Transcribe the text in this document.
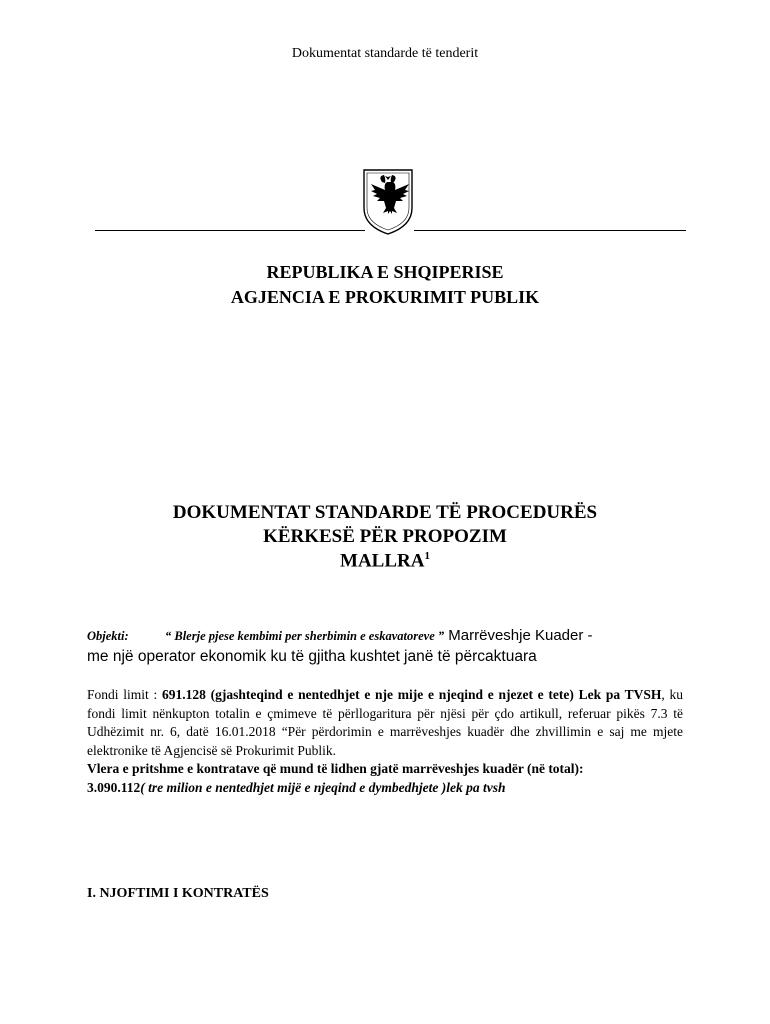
Dokumentat standarde të tenderit
REPUBLIKA E SHQIPERISE
AGJENCIA E PROKURIMIT PUBLIK
DOKUMENTAT STANDARDE TË PROCEDURËS
KËRKESË PËR PROPOZIM
MALLRA$^1$
Objekti:	“ Blerje pjese kembimi per sherbimin e eskavatoreve ” Marrëveshje Kuader -
me një operator ekonomik ku të gjitha kushtet janë të përcaktuara
Fondi limit : 691.128 (gjashteqind e nentedhjet e nje mije e njeqind e njezet e tete) Lek pa TVSH, ku fondi limit nënkupton totalin e çmimeve të përllogaritura për njësi për çdo artikull, referuar pikës 7.3 të Udhëzimit nr. 6, datë 16.01.2018 “Për përdorimin e marrëveshjes kuadër dhe zhvillimin e saj me mjete elektronike të Agjencisë së Prokurimit Publik.
Vlera e pritshme e kontratave që mund të lidhen gjatë marrëveshjes kuadër (në total):
3.090.112( tre milion e nentedhjet mijë e njeqind e dymbedhjete )lek pa tvsh
I. NJOFTIMI I KONTRATËS
